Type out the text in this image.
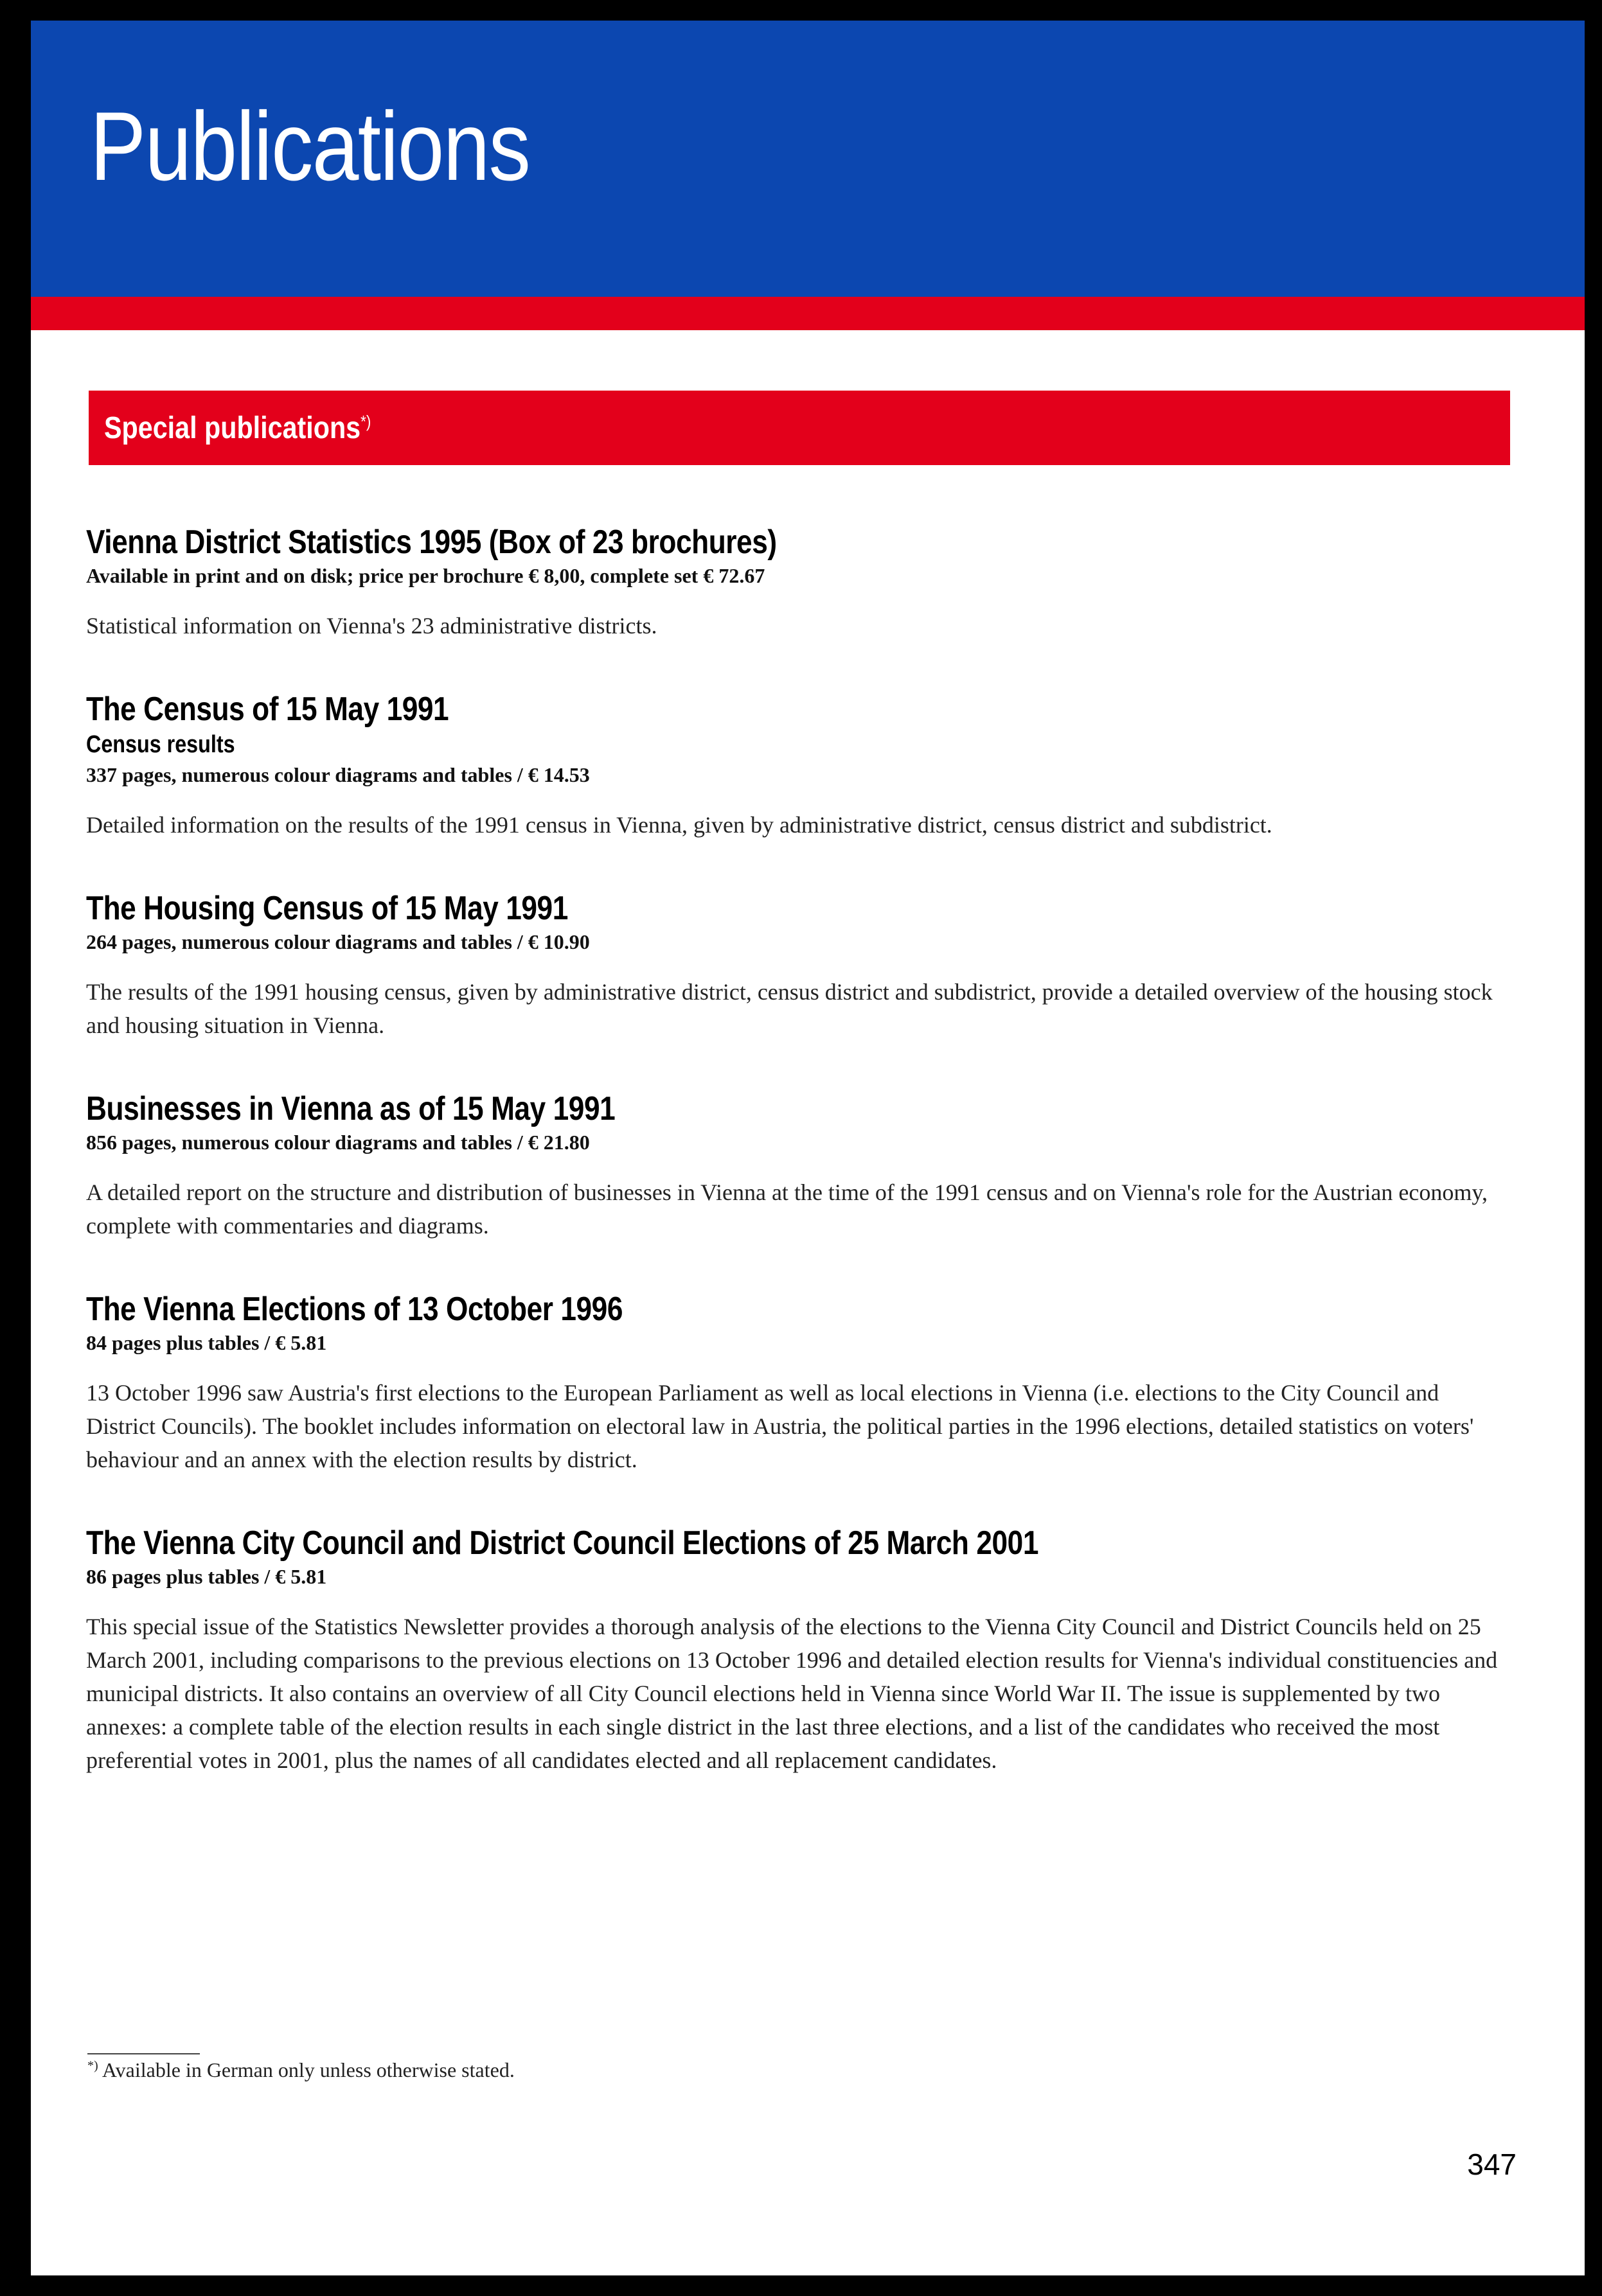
Publications
Special publications*)
Vienna District Statistics 1995 (Box of 23 brochures)
Available in print and on disk; price per brochure € 8,00, complete set € 72.67
Statistical information on Vienna's 23 administrative districts.
The Census of 15 May 1991
Census results
337 pages, numerous colour diagrams and tables / € 14.53
Detailed information on the results of the 1991 census in Vienna, given by administrative district, census district and subdistrict.
The Housing Census of 15 May 1991
264 pages, numerous colour diagrams and tables / € 10.90
The results of the 1991 housing census, given by administrative district, census district and subdistrict, provide a detailed overview of the housing stock and housing situation in Vienna.
Businesses in Vienna as of 15 May 1991
856 pages, numerous colour diagrams and tables / € 21.80
A detailed report on the structure and distribution of businesses in Vienna at the time of the 1991 census and on Vienna's role for the Austrian economy, complete with commentaries and diagrams.
The Vienna Elections of 13 October 1996
84 pages plus tables / € 5.81
13 October 1996 saw Austria's first elections to the European Parliament as well as local elections in Vienna (i.e. elections to the City Council and District Councils). The booklet includes information on electoral law in Austria, the political parties in the 1996 elections, detailed statistics on voters' behaviour and an annex with the election results by district.
The Vienna City Council and District Council Elections of 25 March 2001
86 pages plus tables / € 5.81
This special issue of the Statistics Newsletter provides a thorough analysis of the elections to the Vienna City Council and District Councils held on 25 March 2001, including comparisons to the previous elections on 13 October 1996 and detailed election results for Vienna's individual constituencies and municipal districts. It also contains an overview of all City Council elections held in Vienna since World War II. The issue is supplemented by two annexes: a complete table of the election results in each single district in the last three elections, and a list of the candidates who received the most preferential votes in 2001, plus the names of all candidates elected and all replacement candidates.
*) Available in German only unless otherwise stated.
347
